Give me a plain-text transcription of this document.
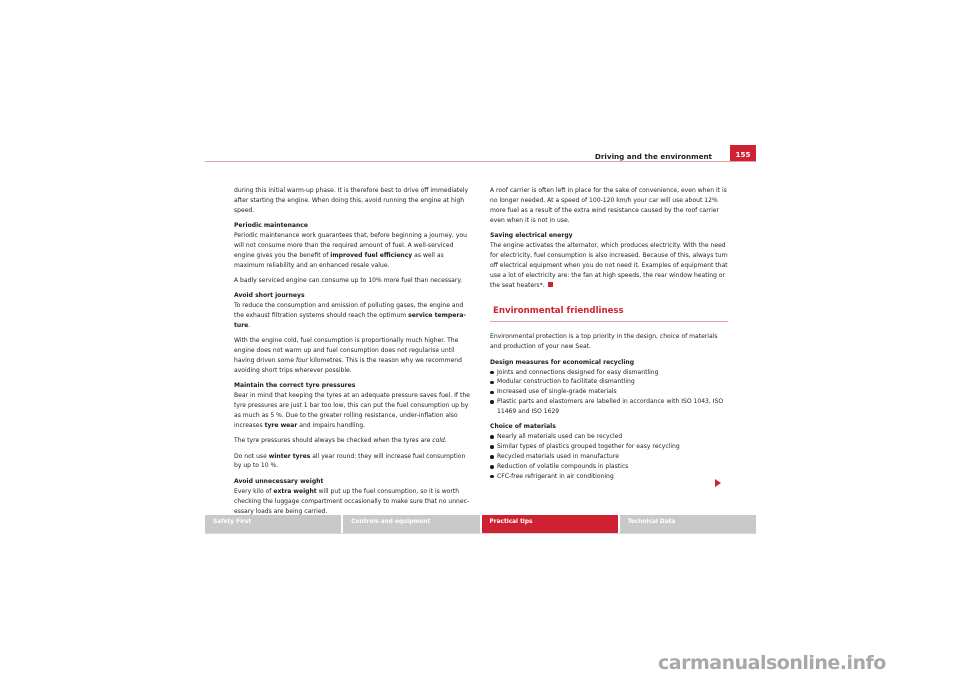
Driving and the environment	155

during this initial warm-up phase. It is therefore best to drive off immediately after starting the engine. When doing this, avoid running the engine at high speed.

Periodic maintenance

Periodic maintenance work guarantees that, before beginning a journey, you will not consume more than the required amount of fuel. A well-serviced engine gives you the benefit of improved fuel efficiency as well as maximum reliability and an enhanced resale value.

A badly serviced engine can consume up to 10% more fuel than necessary.

Avoid short journeys

To reduce the consumption and emission of polluting gases, the engine and the exhaust filtration systems should reach the optimum service tempera-ture.

With the engine cold, fuel consumption is proportionally much higher. The engine does not warm up and fuel consumption does not regularise until having driven some four kilometres. This is the reason why we recommend avoiding short trips wherever possible.

Maintain the correct tyre pressures

Bear in mind that keeping the tyres at an adequate pressure saves fuel. If the tyre pressures are just 1 bar too low, this can put the fuel consumption up by as much as 5 %. Due to the greater rolling resistance, under-inflation also increases tyre wear and impairs handling.

The tyre pressures should always be checked when the tyres are cold.

Do not use winter tyres all year round: they will increase fuel consumption by up to 10 %.

Avoid unnecessary weight

Every kilo of extra weight will put up the fuel consumption, so it is worth checking the luggage compartment occasionally to make sure that no unnec-essary loads are being carried.

A roof carrier is often left in place for the sake of convenience, even when it is no longer needed. At a speed of 100-120 km/h your car will use about 12% more fuel as a result of the extra wind resistance caused by the roof carrier even when it is not in use.

Saving electrical energy

The engine activates the alternator, which produces electricity. With the need for electricity, fuel consumption is also increased. Because of this, always turn off electrical equipment when you do not need it. Examples of equipment that use a lot of electricity are: the fan at high speeds, the rear window heating or the seat heaters*.

Environmental friendliness

Environmental protection is a top priority in the design, choice of materials and production of your new Seat.

Design measures for economical recycling

Joints and connections designed for easy dismantling
Modular construction to facilitate dismantling
Increased use of single-grade materials
Plastic parts and elastomers are labelled in accordance with ISO 1043, ISO 11469 and ISO 1629

Choice of materials

Nearly all materials used can be recycled
Similar types of plastics grouped together for easy recycling
Recycled materials used in manufacture
Reduction of volatile compounds in plastics
CFC-free refrigerant in air conditioning
Safety First	Controls and equipment	Practical tips	Technical Data
carmanualsonline.info
